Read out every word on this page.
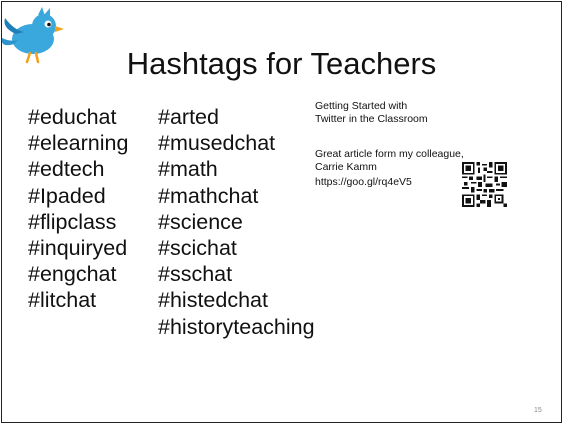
Hashtags for Teachers
#educhat
#elearning
#edtech
#Ipaded
#flipclass
#inquiryed
#engchat
#litchat
#arted
#musedchat
#math
#mathchat
#science
#scichat
#sschat
#histedchat
#historyteaching
Getting Started with
Twitter in the Classroom
Great article form my colleague,
Carrie Kamm
https://goo.gl/rq4eV5
15
